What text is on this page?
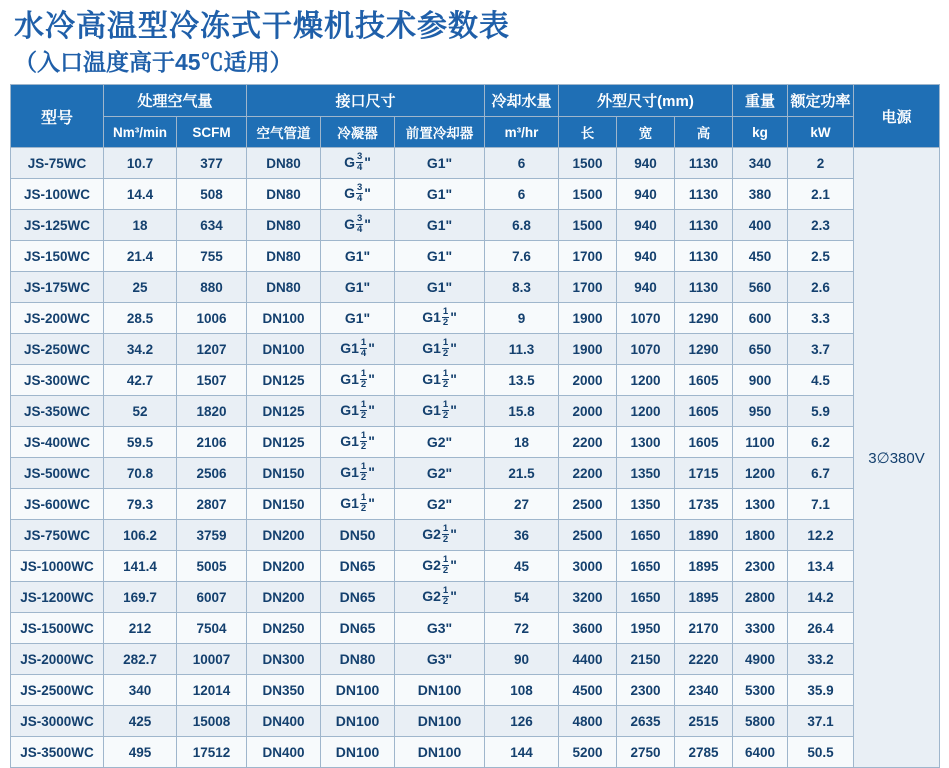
水冷高温型冷冻式干燥机技术参数表
（入口温度高于45℃适用）
型号	处理空气量		接口尺寸			冷却水量	外型尺寸(mm)			重量	额定功率	电源
	Nm³/min	SCFM	空气管道	冷凝器	前置冷却器	m³/hr	长	宽	高	kg	kW	
JS-75WC	10.7	377	DN80	G $\frac{3}{4}$ "	G1"	6	1500	940	1130	340	2	3∅380V
JS-100WC	14.4	508	DN80	G $\frac{3}{4}$ "	G1"	6	1500	940	1130	380	2.1	
JS-125WC	18	634	DN80	G $\frac{3}{4}$ "	G1"	6.8	1500	940	1130	400	2.3	
JS-150WC	21.4	755	DN80	G1"	G1"	7.6	1700	940	1130	450	2.5	
JS-175WC	25	880	DN80	G1"	G1"	8.3	1700	940	1130	560	2.6	
JS-200WC	28.5	1006	DN100	G1"	$G1 \frac{1}{2}$ "	9	1900	1070	1290	600	3.3	
JS-250WC	34.2	1207	DN100	$G1 \frac{1}{4}$ "	$G1 \frac{1}{2}$ "	11.3	1900	1070	1290	650	3.7	
JS-300WC	42.7	1507	DN125	$G1 \frac{1}{2}$ "	$G1 \frac{1}{2}$ "	13.5	2000	1200	1605	900	4.5	
JS-350WC	52	1820	DN125	$G1 \frac{1}{2}$ "	$G1 \frac{1}{2}$ "	15.8	2000	1200	1605	950	5.9	
JS-400WC	59.5	2106	DN125	$G1 \frac{1}{2}$ "	G2"	18	2200	1300	1605	1100	6.2	
JS-500WC	70.8	2506	DN150	$G1 \frac{1}{2}$ "	G2"	21.5	2200	1350	1715	1200	6.7	
JS-600WC	79.3	2807	DN150	$G1 \frac{1}{2}$ "	G2"	27	2500	1350	1735	1300	7.1	
JS-750WC	106.2	3759	DN200	DN50	$G2 \frac{1}{2}$ "	36	2500	1650	1890	1800	12.2	
JS-1000WC	141.4	5005	DN200	DN65	$G2 \frac{1}{2}$ "	45	3000	1650	1895	2300	13.4	
JS-1200WC	169.7	6007	DN200	DN65	$G2 \frac{1}{2}$ "	54	3200	1650	1895	2800	14.2	
JS-1500WC	212	7504	DN250	DN65	G3"	72	3600	1950	2170	3300	26.4	
JS-2000WC	282.7	10007	DN300	DN80	G3"	90	4400	2150	2220	4900	33.2	
JS-2500WC	340	12014	DN350	DN100	DN100	108	4500	2300	2340	5300	35.9	
JS-3000WC	425	15008	DN400	DN100	DN100	126	4800	2635	2515	5800	37.1	
JS-3500WC	495	17512	DN400	DN100	DN100	144	5200	2750	2785	6400	50.5	
